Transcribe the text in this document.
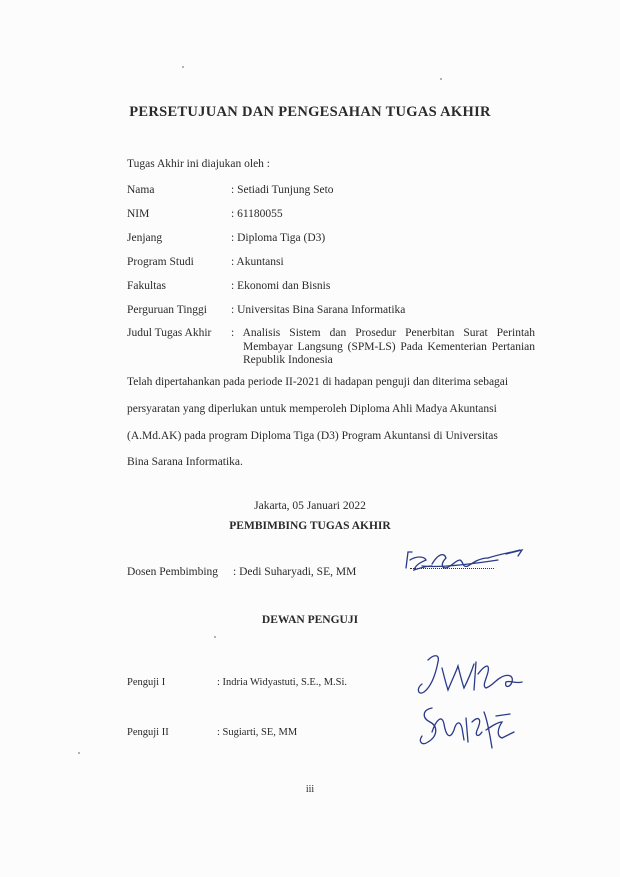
PERSETUJUAN DAN PENGESAHAN TUGAS AKHIR
Tugas Akhir ini diajukan oleh :
Nama	: Setiadi Tunjung Seto
NIM	: 61180055
Jenjang	: Diploma Tiga (D3)
Program Studi	: Akuntansi
Fakultas	: Ekonomi dan Bisnis
Perguruan Tinggi	: Universitas Bina Sarana Informatika
Judul Tugas Akhir	: Analisis Sistem dan Prosedur Penerbitan Surat Perintah Membayar Langsung (SPM-LS) Pada Kementerian Pertanian Republik Indonesia
Telah dipertahankan pada periode II-2021 di hadapan penguji dan diterima sebagai
persyaratan yang diperlukan untuk memperoleh Diploma Ahli Madya Akuntansi
(A.Md.AK) pada program Diploma Tiga (D3) Program Akuntansi di Universitas
Bina Sarana Informatika.
Jakarta, 05 Januari 2022
PEMBIMBING TUGAS AKHIR
Dosen Pembimbing : Dedi Suharyadi, SE, MM
DEWAN PENGUJI
Penguji I	: Indria Widyastuti, S.E., M.Si.
Penguji II	: Sugiarti, SE, MM
iii
